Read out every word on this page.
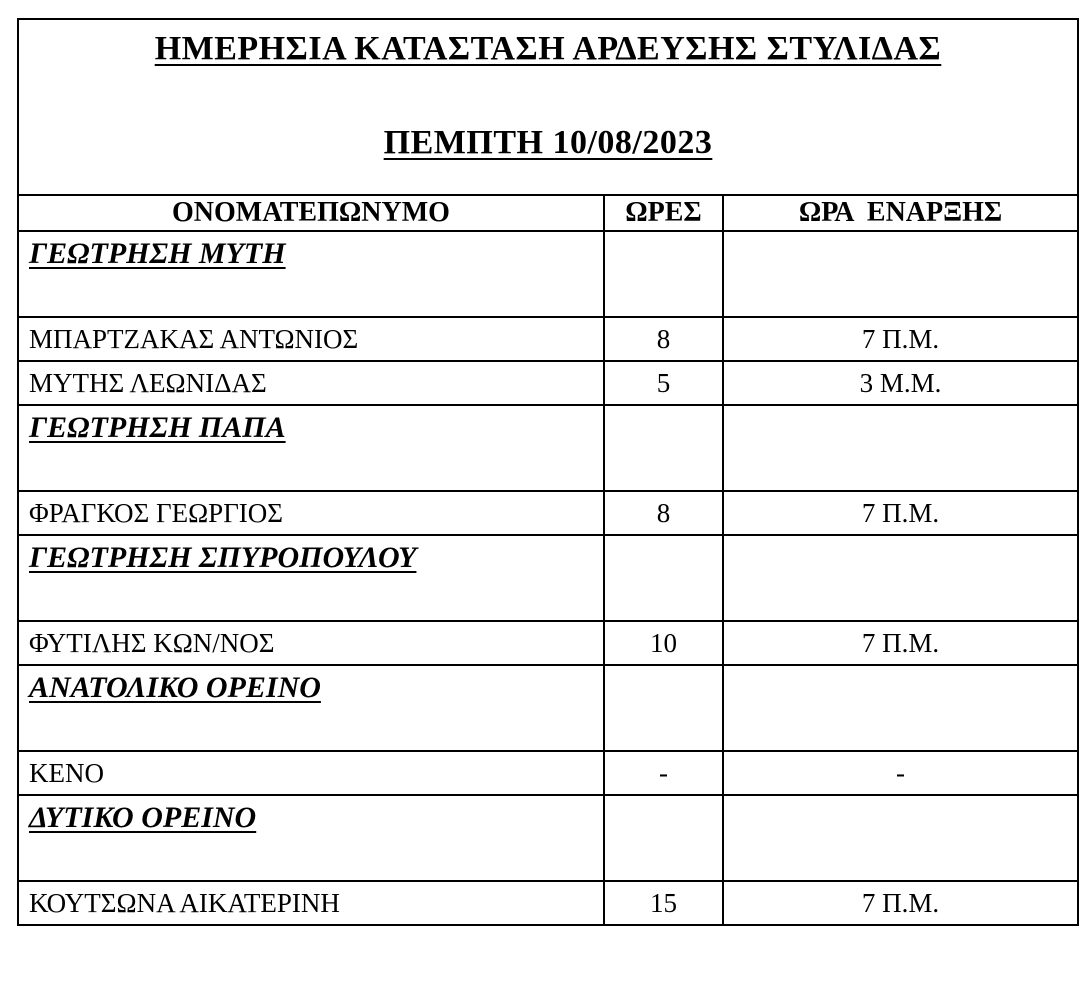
ΗΜΕΡΗΣΙΑ ΚΑΤΑΣΤΑΣΗ ΑΡΔΕΥΣΗΣ ΣΤΥΛΙΔΑΣ
ΠΕΜΠΤΗ 10/08/2023		

ΟΝΟΜΑΤΕΠΩΝΥΜΟ	ΩΡΕΣ	ΩΡΑ  ΕΝΑΡΞΗΣ

ΓΕΩΤΡΗΣΗ ΜΥΤΗ		

ΜΠΑΡΤΖΑΚΑΣ ΑΝΤΩΝΙΟΣ	8	7 Π.Μ.
ΜΥΤΗΣ ΛΕΩΝΙΔΑΣ	5	3 Μ.Μ.

ΓΕΩΤΡΗΣΗ ΠΑΠΑ		

ΦΡΑΓΚΟΣ ΓΕΩΡΓΙΟΣ	8	7 Π.Μ.

ΓΕΩΤΡΗΣΗ ΣΠΥΡΟΠΟΥΛΟΥ		

ΦΥΤΙΛΗΣ ΚΩΝ/ΝΟΣ	10	7 Π.Μ.

ΑΝΑΤΟΛΙΚΟ ΟΡΕΙΝΟ		

ΚΕΝΟ	-	-

ΔΥΤΙΚΟ ΟΡΕΙΝΟ		

ΚΟΥΤΣΩΝΑ ΑΙΚΑΤΕΡΙΝΗ	15	7 Π.Μ.
